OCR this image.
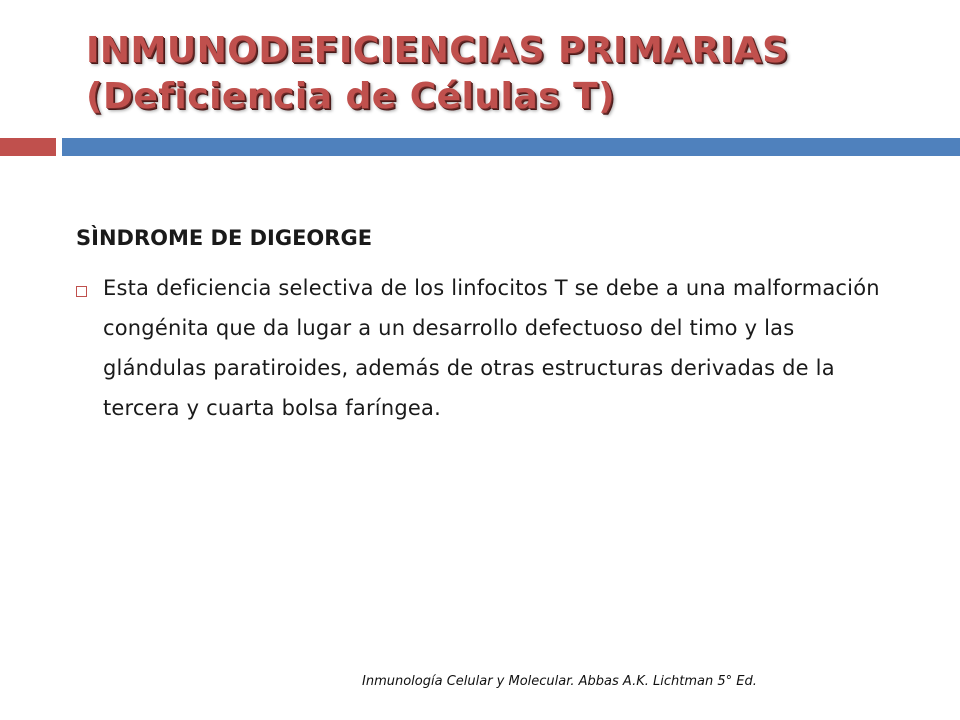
INMUNODEFICIENCIAS PRIMARIAS
(Deficiencia de Células T)
SÌNDROME DE DIGEORGE
Esta deficiencia selectiva de los linfocitos T se debe a una malformación congénita que da lugar a un desarrollo defectuoso del timo y las glándulas paratiroides, además de otras estructuras derivadas de la tercera y cuarta bolsa faríngea.
Inmunología Celular y Molecular. Abbas A.K. Lichtman 5° Ed.
